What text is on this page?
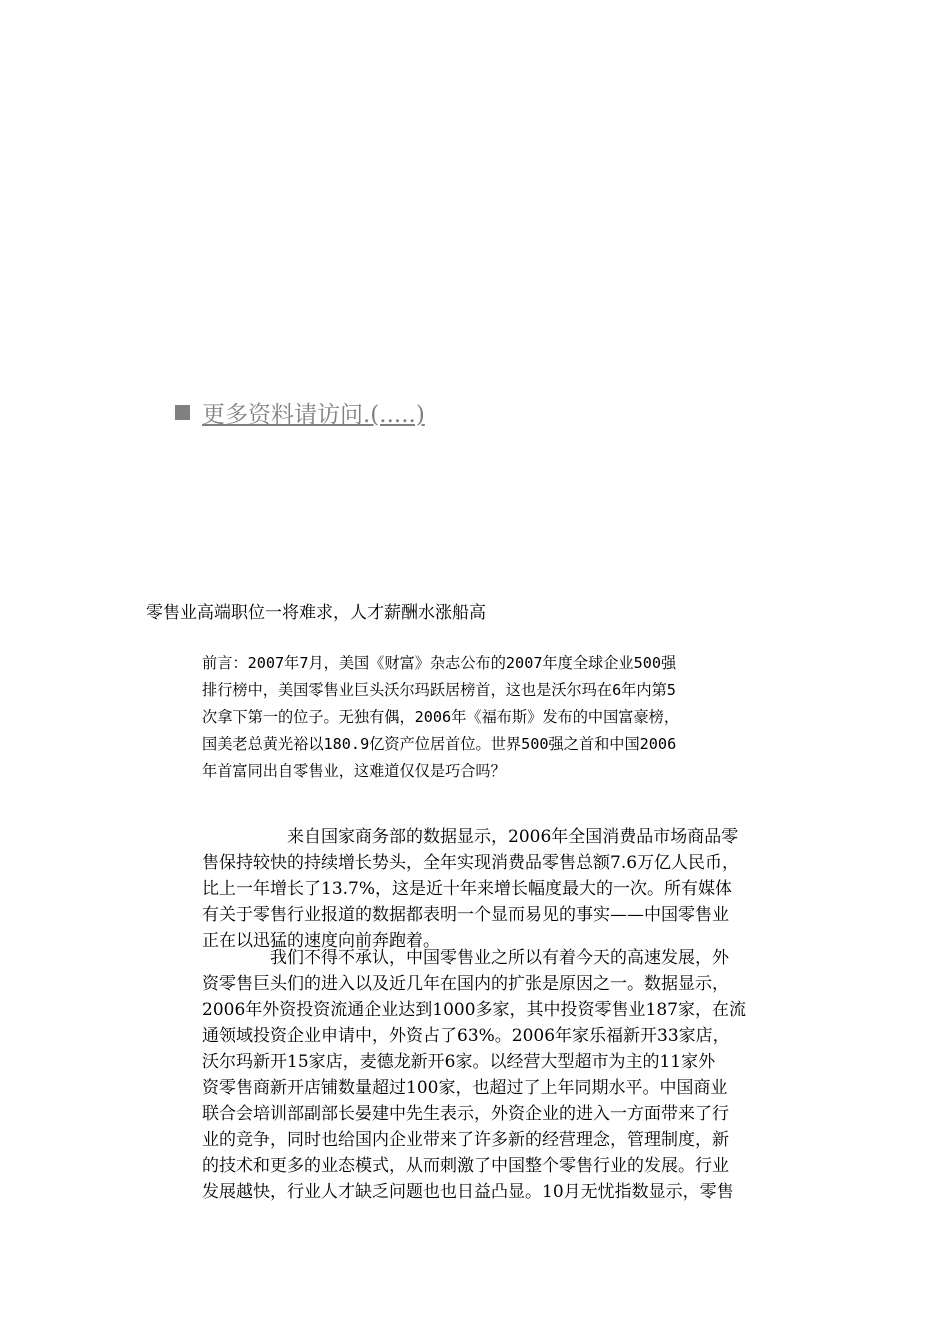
更多资料请访问.(.....)
零售业高端职位一将难求，人才薪酬水涨船高

前言：2007年7月，美国《财富》杂志公布的2007年度全球企业500强

排行榜中，美国零售业巨头沃尔玛跃居榜首，这也是沃尔玛在6年内第5

次拿下第一的位子。无独有偶，2006年《福布斯》发布的中国富豪榜，

国美老总黄光裕以180.9亿资产位居首位。世界500强之首和中国2006

年首富同出自零售业，这难道仅仅是巧合吗？

　　　　　来自国家商务部的数据显示，2006年全国消费品市场商品零

售保持较快的持续增长势头，全年实现消费品零售总额7.6万亿人民币，

比上一年增长了13.7%，这是近十年来增长幅度最大的一次。所有媒体

有关于零售行业报道的数据都表明一个显而易见的事实——中国零售业

正在以迅猛的速度向前奔跑着。

　　　　我们不得不承认，中国零售业之所以有着今天的高速发展，外

资零售巨头们的进入以及近几年在国内的扩张是原因之一。数据显示，

2006年外资投资流通企业达到1000多家，其中投资零售业187家，在流

通领域投资企业申请中，外资占了63%。2006年家乐福新开33家店，

沃尔玛新开15家店，麦德龙新开6家。以经营大型超市为主的11家外

资零售商新开店铺数量超过100家，也超过了上年同期水平。中国商业

联合会培训部副部长晏建中先生表示，外资企业的进入一方面带来了行

业的竞争，同时也给国内企业带来了许多新的经营理念，管理制度，新

的技术和更多的业态模式，从而刺激了中国整个零售行业的发展。行业

发展越快，行业人才缺乏问题也也日益凸显。10月无忧指数显示，零售
